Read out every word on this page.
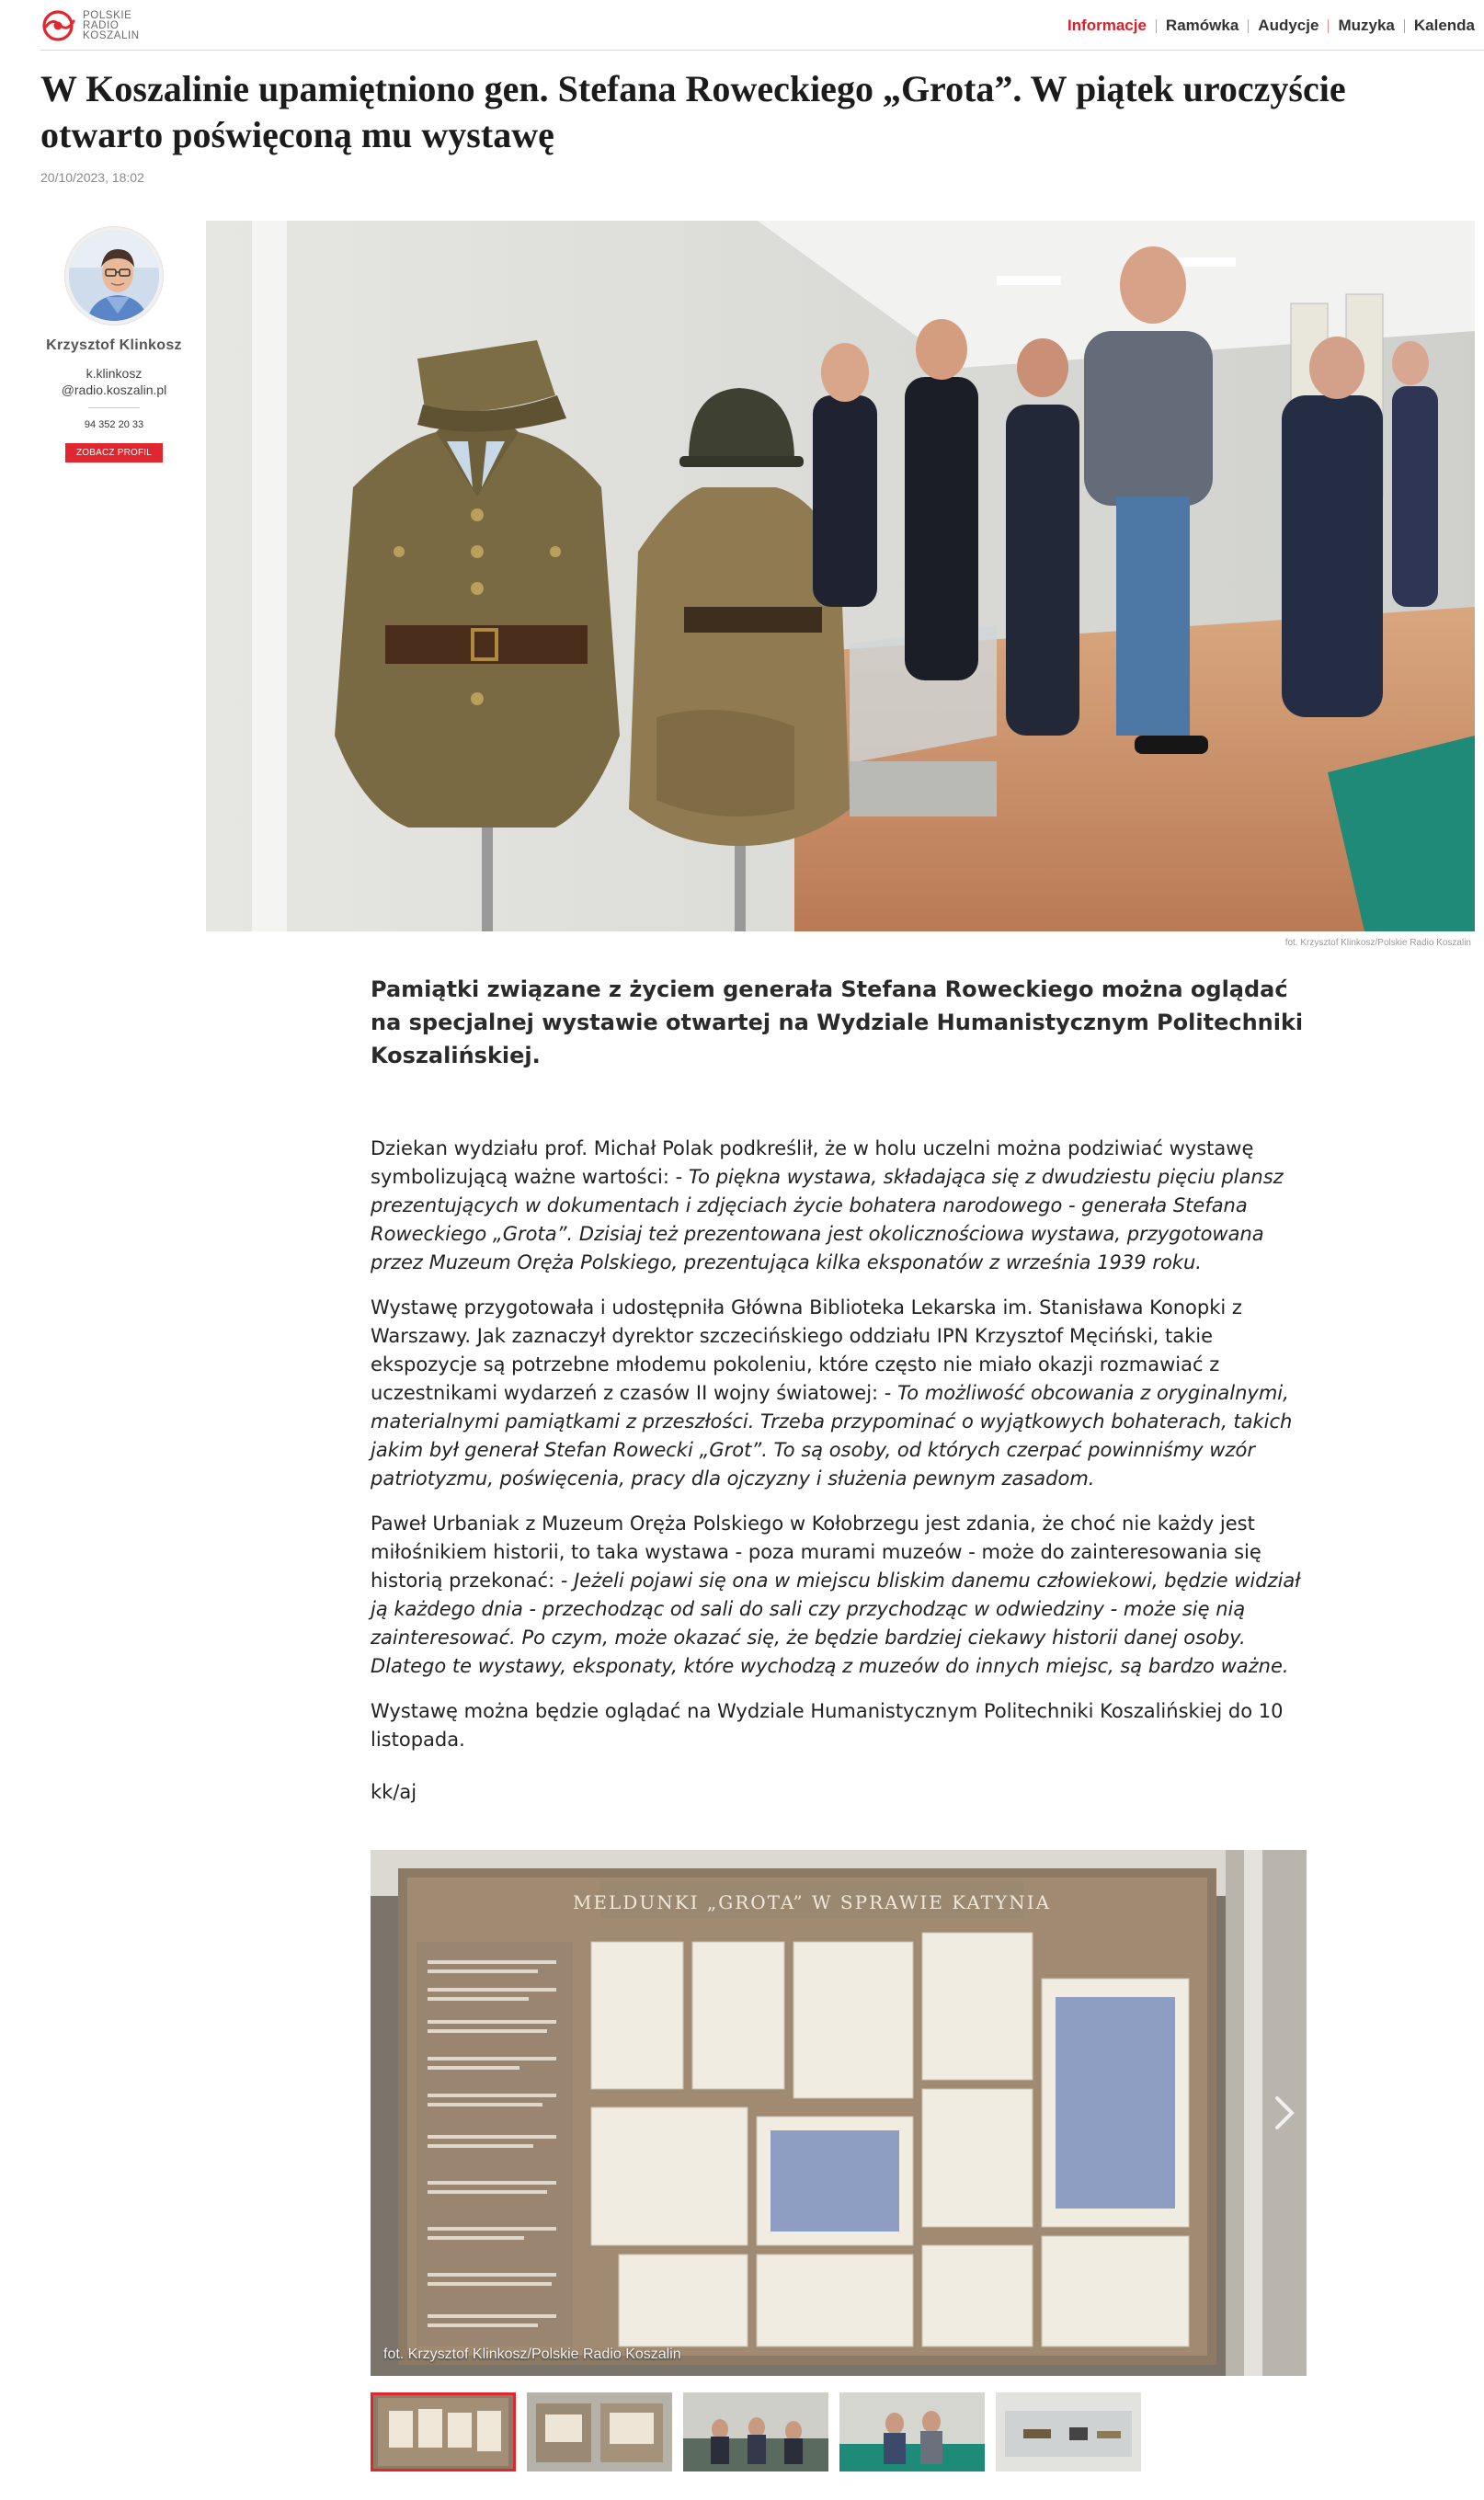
POLSKIE
RADIO
KOSZALIN
Informacje	Ramówka	Audycje	Muzyka	Kalenda
W Koszalinie upamiętniono gen. Stefana Roweckiego „Grota”. W piątek uroczyście otwarto poświęconą mu wystawę
20/10/2023, 18:02
Krzysztof Klinkosz
k.klinkosz
@radio.koszalin.pl
94 352 20 33
ZOBACZ PROFIL
fot. Krzysztof Klinkosz/Polskie Radio Koszalin

Pamiątki związane z życiem generała Stefana Roweckiego można oglądać na specjalnej wystawie otwartej na Wydziale Humanistycznym Politechniki Koszalińskiej.

Dziekan wydziału prof. Michał Polak podkreślił, że w holu uczelni można podziwiać wystawę symbolizującą ważne wartości: - To piękna wystawa, składająca się z dwudziestu pięciu plansz prezentujących w dokumentach i zdjęciach życie bohatera narodowego - generała Stefana Roweckiego „Grota”. Dzisiaj też prezentowana jest okolicznościowa wystawa, przygotowana przez Muzeum Oręża Polskiego, prezentująca kilka eksponatów z września 1939 roku.

Wystawę przygotowała i udostępniła Główna Biblioteka Lekarska im. Stanisława Konopki z Warszawy. Jak zaznaczył dyrektor szczecińskiego oddziału IPN Krzysztof Męciński, takie ekspozycje są potrzebne młodemu pokoleniu, które często nie miało okazji rozmawiać z uczestnikami wydarzeń z czasów II wojny światowej: - To możliwość obcowania z oryginalnymi, materialnymi pamiątkami z przeszłości. Trzeba przypominać o wyjątkowych bohaterach, takich jakim był generał Stefan Rowecki „Grot”. To są osoby, od których czerpać powinniśmy wzór patriotyzmu, poświęcenia, pracy dla ojczyzny i służenia pewnym zasadom.

Paweł Urbaniak z Muzeum Oręża Polskiego w Kołobrzegu jest zdania, że choć nie każdy jest miłośnikiem historii, to taka wystawa - poza murami muzeów - może do zainteresowania się historią przekonać: - Jeżeli pojawi się ona w miejscu bliskim danemu człowiekowi, będzie widział ją każdego dnia - przechodząc od sali do sali czy przychodząc w odwiedziny - może się nią zainteresować. Po czym, może okazać się, że będzie bardziej ciekawy historii danej osoby. Dlatego te wystawy, eksponaty, które wychodzą z muzeów do innych miejsc, są bardzo ważne.

Wystawę można będzie oglądać na Wydziale Humanistycznym Politechniki Koszalińskiej do 10 listopada.

kk/aj

MELDUNKI „GROTA” W SPRAWIE KATYNIA
fot. Krzysztof Klinkosz/Polskie Radio Koszalin
